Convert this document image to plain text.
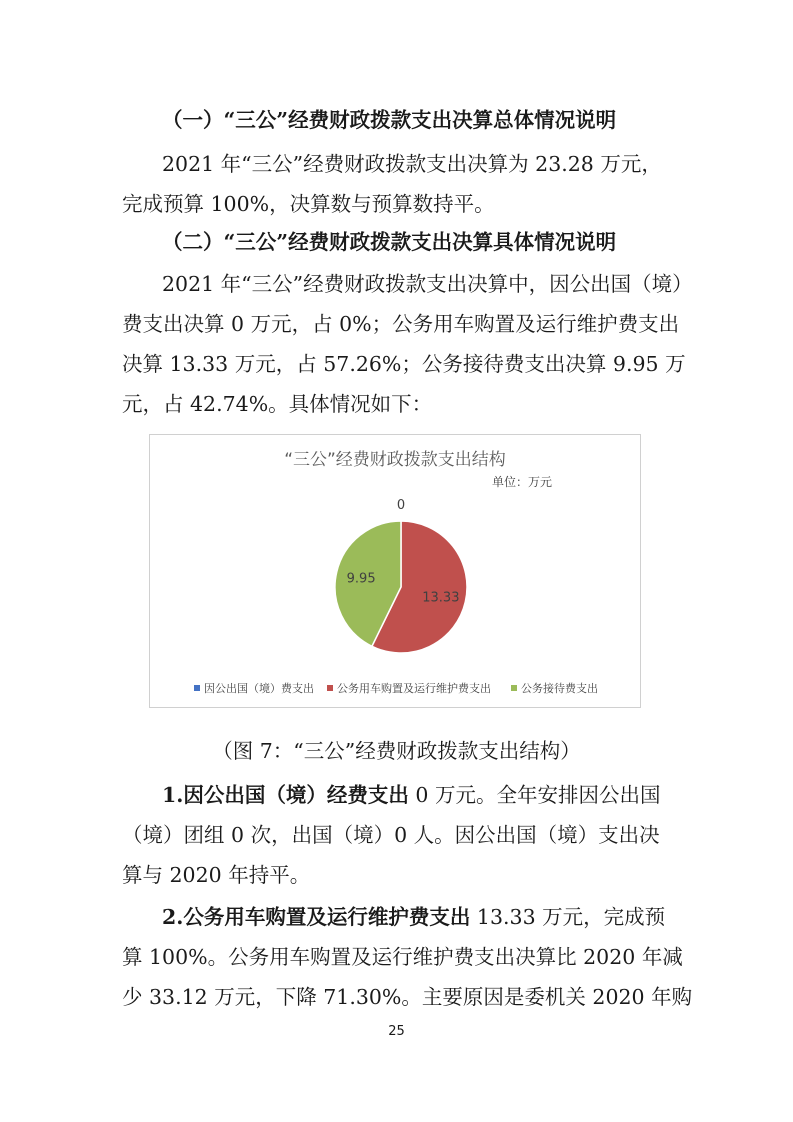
（一）“三公”经费财政拨款支出决算总体情况说明
2021 年“三公”经费财政拨款支出决算为 23.28 万元，
完成预算 100%，决算数与预算数持平。
（二）“三公”经费财政拨款支出决算具体情况说明
2021 年“三公”经费财政拨款支出决算中，因公出国（境）
费支出决算 0 万元，占 0%；公务用车购置及运行维护费支出
决算 13.33 万元，占 57.26%；公务接待费支出决算 9.95 万
元，占 42.74%。具体情况如下：
“三公”经费财政拨款支出结构
单位：万元
0
13.33
9.95
因公出国（境）费支出 公务用车购置及运行维护费支出	公务接待费支出
（图 7：“三公”经费财政拨款支出结构）
1.因公出国（境）经费支出 0 万元。全年安排因公出国
（境）团组 0 次，出国（境）0 人。因公出国（境）支出决
算与 2020 年持平。
2.公务用车购置及运行维护费支出 13.33 万元，完成预
算 100%。公务用车购置及运行维护费支出决算比 2020 年减
少 33.12 万元，下降 71.30%。主要原因是委机关 2020 年购
25
